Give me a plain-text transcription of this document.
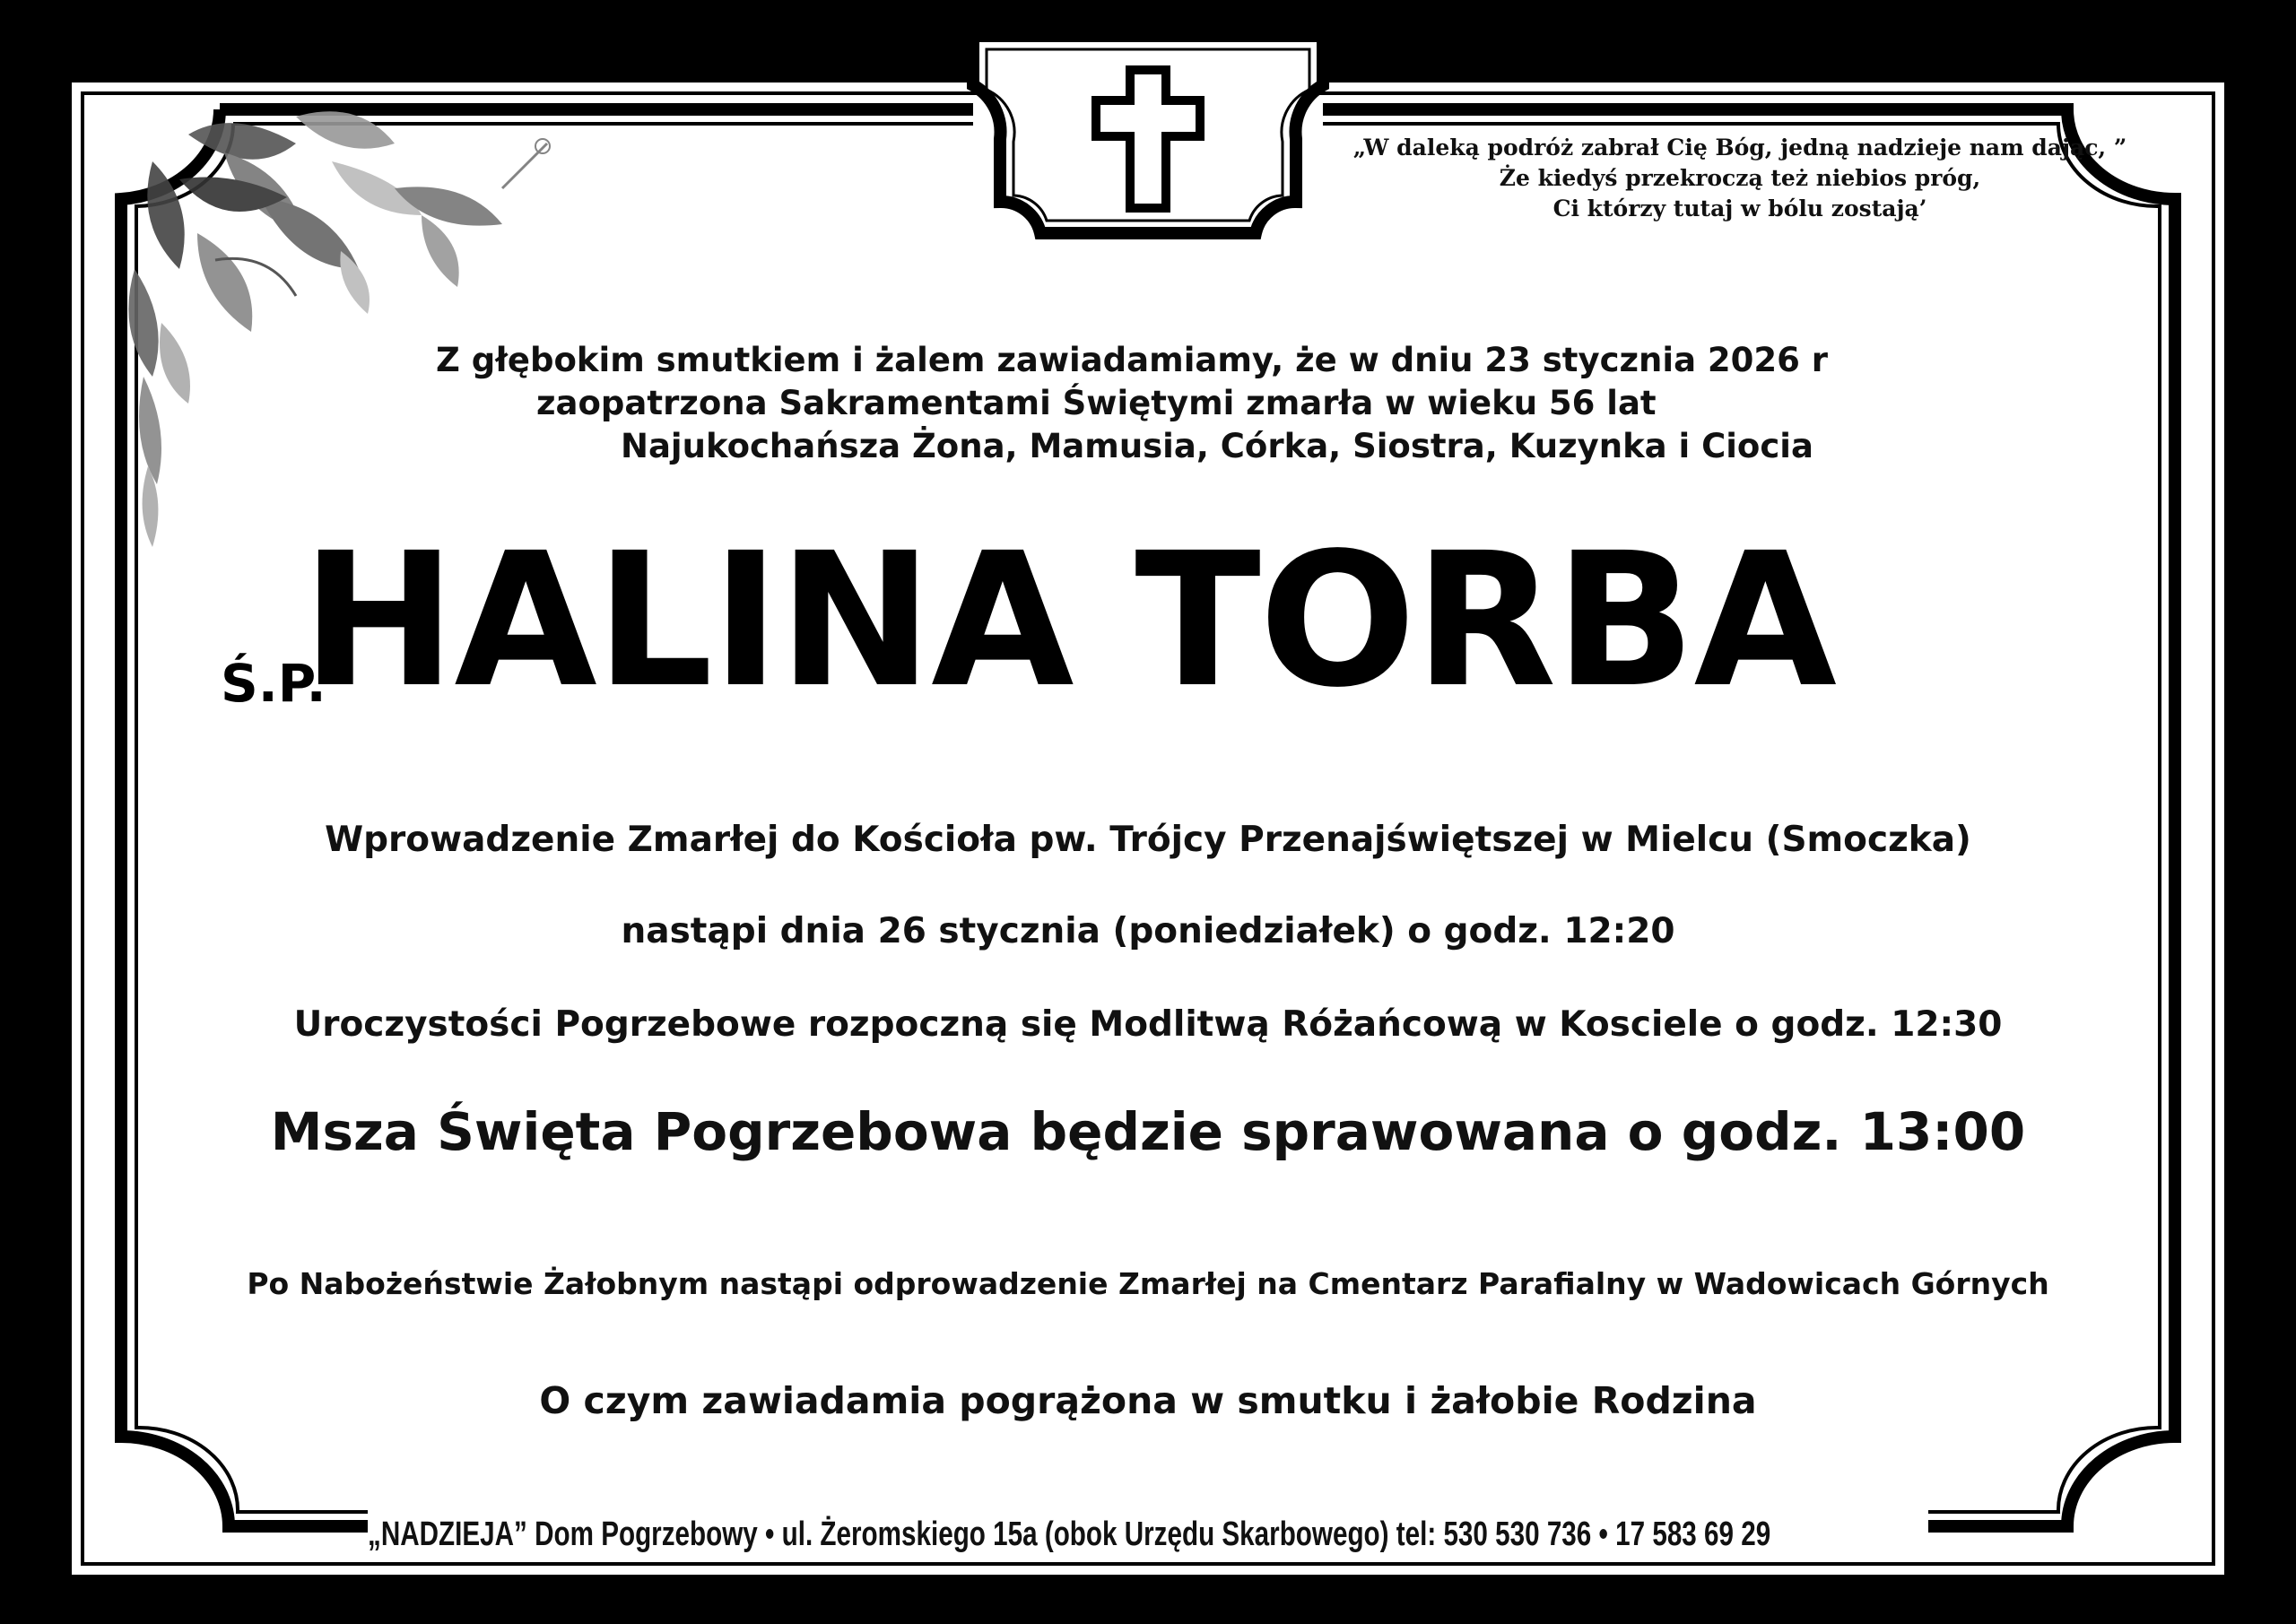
„W daleką podróż zabrał Cię Bóg, jedną nadzieje nam dając, ”
Że kiedyś przekroczą też niebios próg,
Ci którzy tutaj w bólu zostają’
Z głębokim smutkiem i żalem zawiadamiamy, że w dniu 23 stycznia 2026 r
zaopatrzona Sakramentami Świętymi zmarła w wieku 56 lat
Najukochańsza Żona, Mamusia, Córka, Siostra, Kuzynka i Ciocia
Ś.P.
HALINA TORBA
Wprowadzenie Zmarłej do Kościoła pw. Trójcy Przenajświętszej w Mielcu (Smoczka)
nastąpi dnia 26 stycznia (poniedziałek) o godz. 12:20
Uroczystości Pogrzebowe rozpoczną się Modlitwą Różańcową w Kosciele o godz. 12:30
Msza Święta Pogrzebowa będzie sprawowana o godz. 13:00
Po Nabożeństwie Żałobnym nastąpi odprowadzenie Zmarłej na Cmentarz Parafialny w Wadowicach Górnych
O czym zawiadamia pogrążona w smutku i żałobie Rodzina
„NADZIEJA” Dom Pogrzebowy • ul. Żeromskiego 15a (obok Urzędu Skarbowego) tel: 530 530 736 • 17 583 69 29
